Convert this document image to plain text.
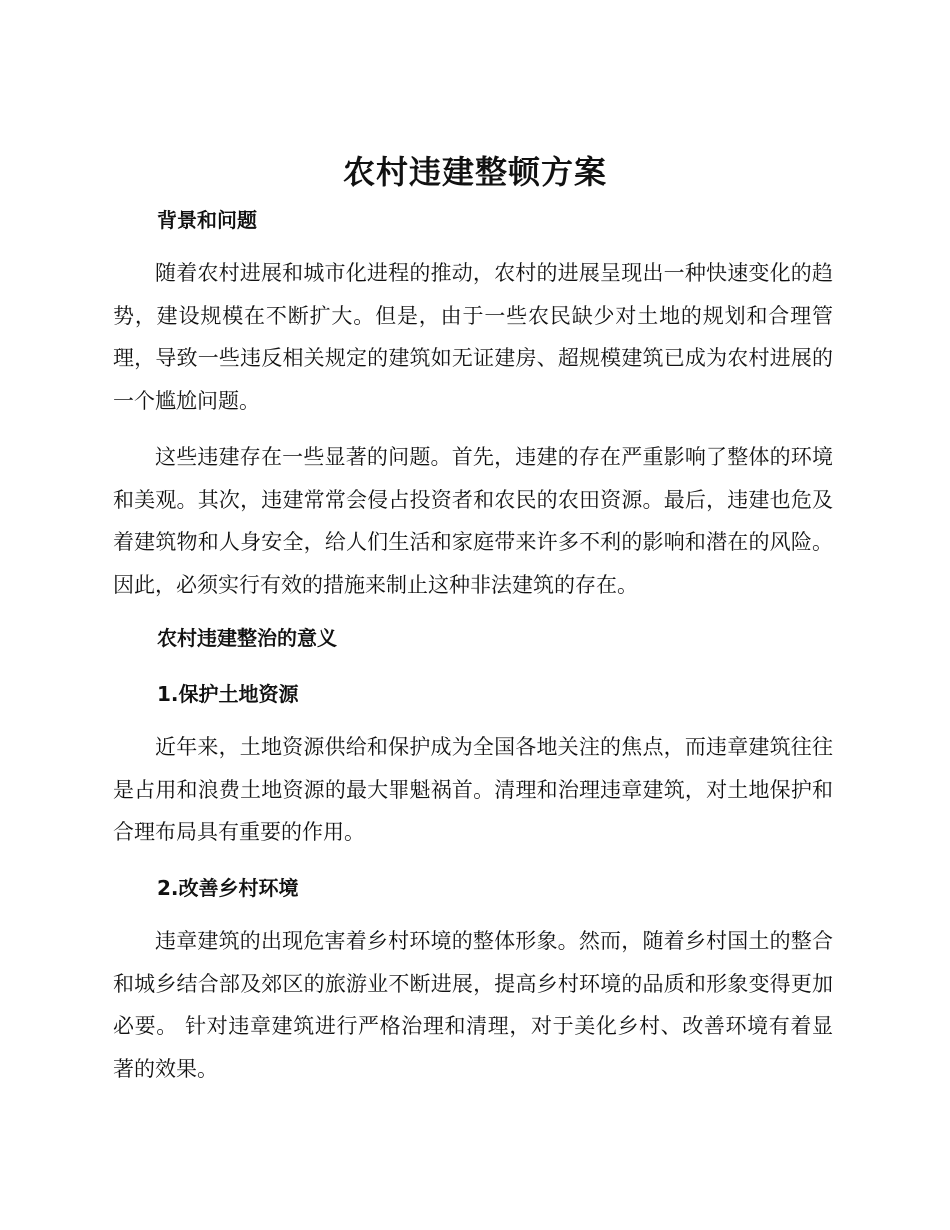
农村违建整顿方案
背景和问题

随着农村进展和城市化进程的推动，农村的进展呈现出一种快速变化的趋势，建设规模在不断扩大。但是，由于一些农民缺少对土地的规划和合理管理，导致一些违反相关规定的建筑如无证建房、超规模建筑已成为农村进展的一个尴尬问题。

这些违建存在一些显著的问题。首先，违建的存在严重影响了整体的环境和美观。其次，违建常常会侵占投资者和农民的农田资源。最后，违建也危及着建筑物和人身安全，给人们生活和家庭带来许多不利的影响和潜在的风险。因此，必须实行有效的措施来制止这种非法建筑的存在。

农村违建整治的意义
1.保护土地资源

近年来，土地资源供给和保护成为全国各地关注的焦点，而违章建筑往往是占用和浪费土地资源的最大罪魁祸首。清理和治理违章建筑，对土地保护和合理布局具有重要的作用。

2.改善乡村环境

违章建筑的出现危害着乡村环境的整体形象。然而，随着乡村国土的整合和城乡结合部及郊区的旅游业不断进展，提高乡村环境的品质和形象变得更加必要。 针对违章建筑进行严格治理和清理，对于美化乡村、改善环境有着显著的效果。
